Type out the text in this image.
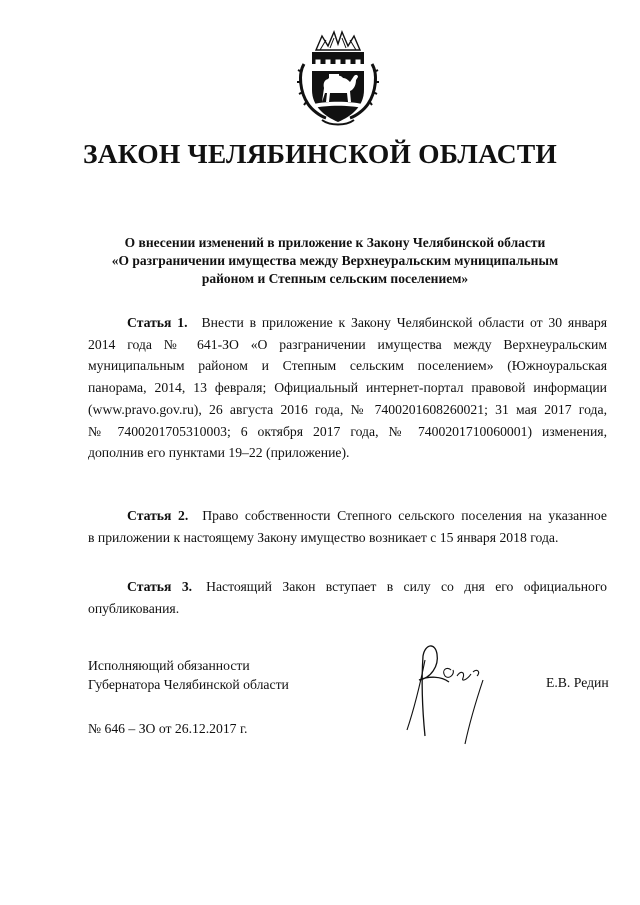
ЗАКОН ЧЕЛЯБИНСКОЙ ОБЛАСТИ
О внесении изменений в приложение к Закону Челябинской области
«О разграничении имущества между Верхнеуральским муниципальным
районом и Степным сельским поселением»
Статья 1. Внести в приложение к Закону Челябинской области от 30 января
2014 года № 641-ЗО «О разграничении имущества между Верхнеуральским
муниципальным районом и Степным сельским поселением» (Южноуральская
панорама, 2014, 13 февраля; Официальный интернет-портал правовой информации
(www.pravo.gov.ru), 26 августа 2016 года, № 7400201608260021; 31 мая 2017 года,
№ 7400201705310003; 6 октября 2017 года, № 7400201710060001) изменения,
дополнив его пунктами 19–22 (приложение).
Статья 2. Право собственности Степного сельского поселения на указанное
в приложении к настоящему Закону имущество возникает с 15 января 2018 года.
Статья 3. Настоящий Закон вступает в силу со дня его официального
опубликования.
Исполняющий обязанности
Губернатора Челябинской области	Е.В. Редин
№ 646 – ЗО от 26.12.2017 г.
